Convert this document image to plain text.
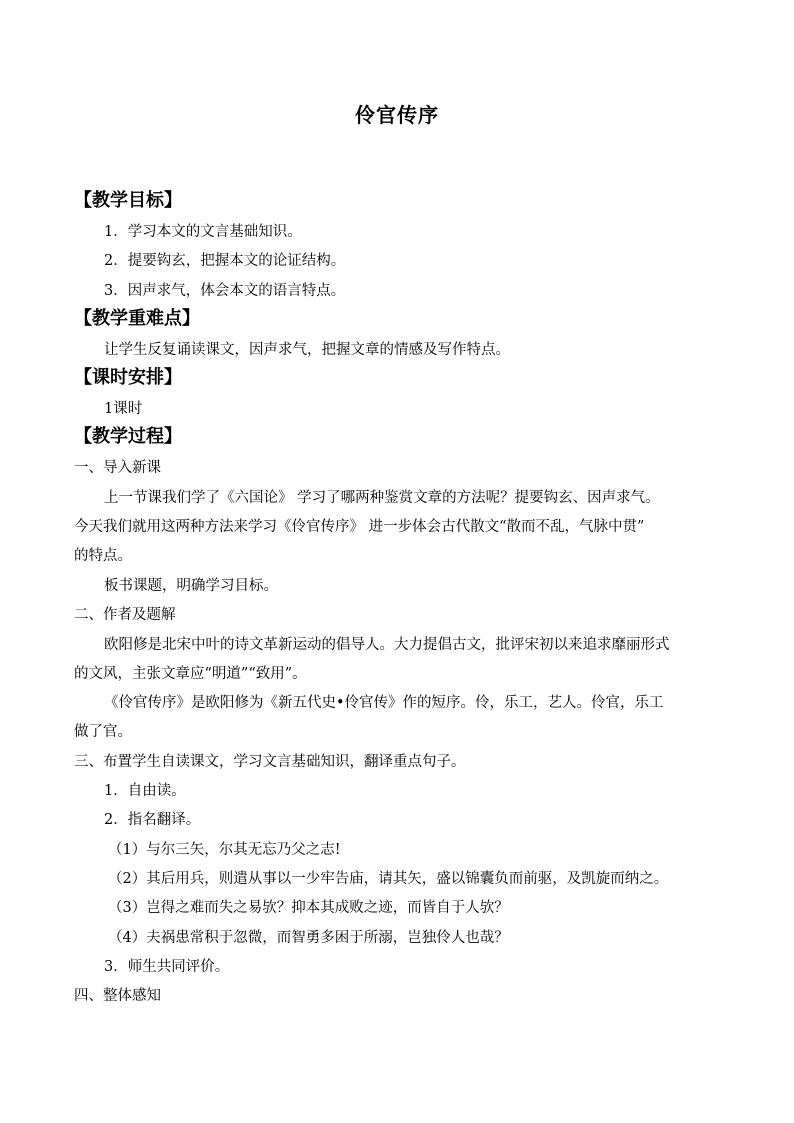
伶官传序
【教学目标】
1．学习本文的文言基础知识。
2．提要钩玄，把握本文的论证结构。
3．因声求气，体会本文的语言特点。
【教学重难点】
让学生反复诵读课文，因声求气，把握文章的情感及写作特点。
【课时安排】
1课时
【教学过程】
一、导入新课
上一节课我们学了《六国论》 学习了哪两种鉴赏文章的方法呢？提要钩玄、因声求气。
今天我们就用这两种方法来学习《伶官传序》 进一步体会古代散文“散而不乱，气脉中贯”
的特点。
板书课题，明确学习目标。
二、作者及题解
欧阳修是北宋中叶的诗文革新运动的倡导人。大力提倡古文，批评宋初以来追求靡丽形式
的文风，主张文章应“明道”“致用”。
《伶官传序》是欧阳修为《新五代史•伶官传》作的短序。伶，乐工，艺人。伶官，乐工
做了官。
三、布置学生自读课文，学习文言基础知识，翻译重点句子。
1．自由读。
2．指名翻译。
（1）与尔三矢，尔其无忘乃父之志!
（2）其后用兵，则遣从事以一少牢告庙，请其矢，盛以锦囊负而前驱，及凯旋而纳之。
（3）岂得之难而失之易欤？抑本其成败之迹，而皆自于人欤？
（4）夫祸患常积于忽微，而智勇多困于所溺，岂独伶人也哉？
3．师生共同评价。
四、整体感知
